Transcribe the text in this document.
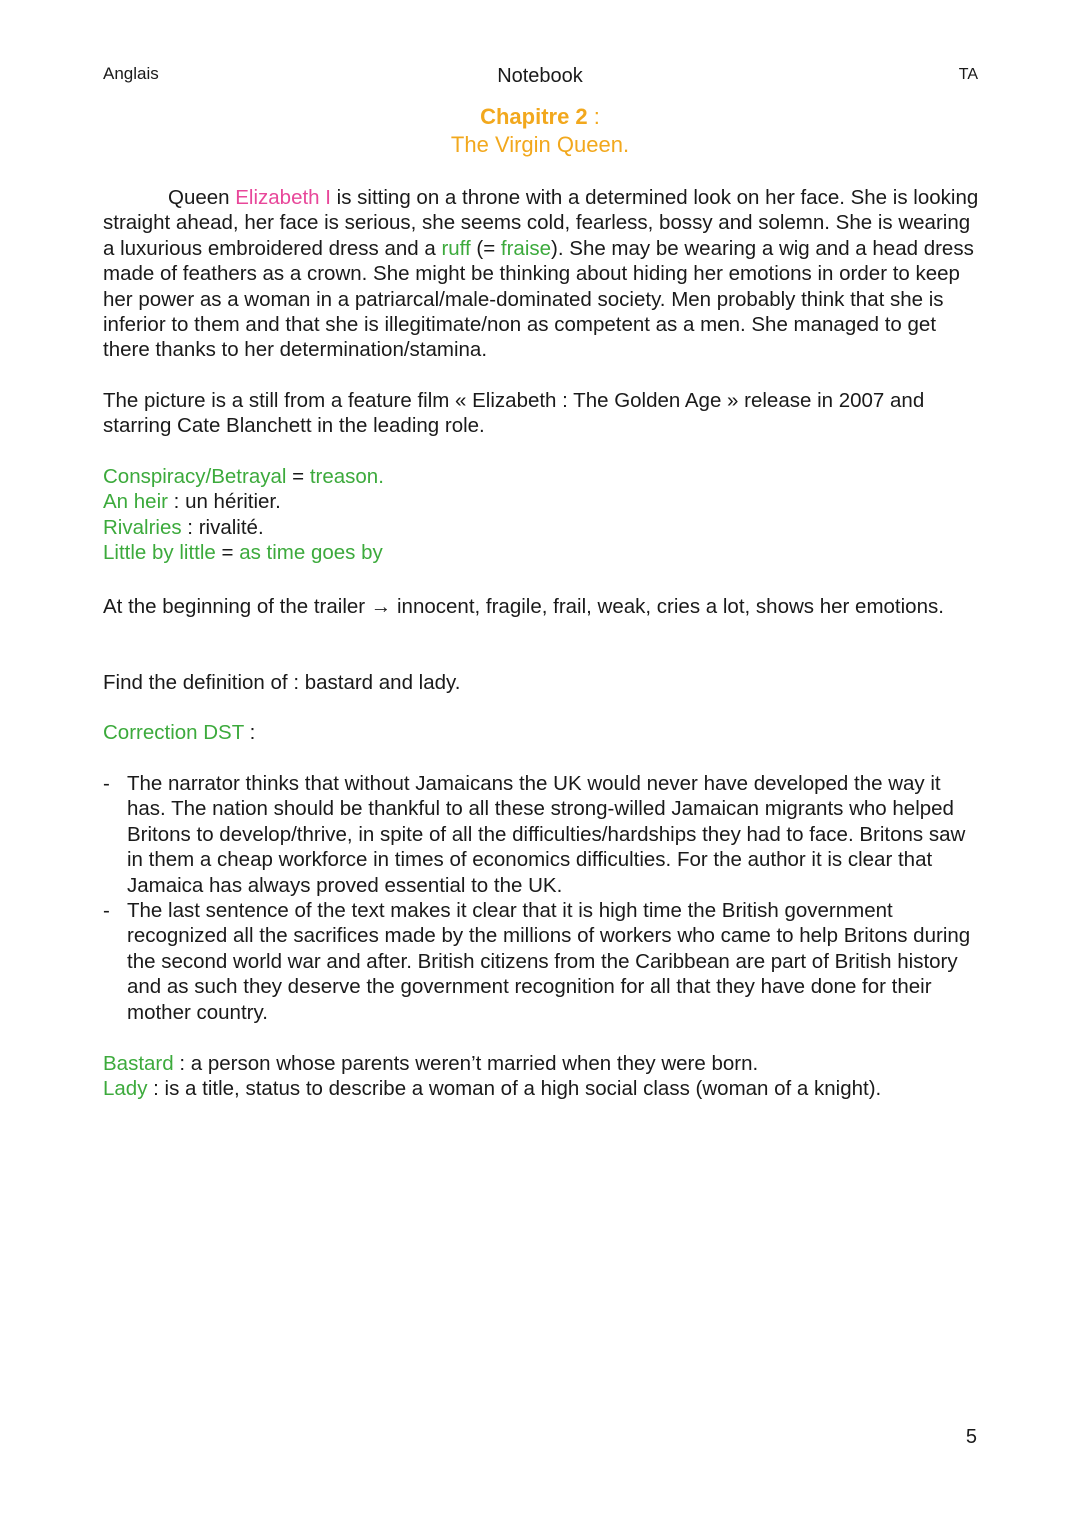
Anglais	Notebook	TA
Chapitre 2 :
The Virgin Queen.
Queen Elizabeth I is sitting on a throne with a determined look on her face. She is looking straight ahead, her face is serious, she seems cold, fearless, bossy and solemn. She is wearing a luxurious embroidered dress and a ruff (= fraise). She may be wearing a wig and a head dress made of feathers as a crown. She might be thinking about hiding her emotions in order to keep her power as a woman in a patriarcal/male-dominated society. Men probably think that she is inferior to them and that she is illegitimate/non as competent as a men. She managed to get there thanks to her determination/stamina.
The picture is a still from a feature film « Elizabeth : The Golden Age » release in 2007 and starring Cate Blanchett in the leading role.
Conspiracy/Betrayal = treason.
An heir : un héritier.
Rivalries : rivalité.
Little by little = as time goes by
At the beginning of the trailer → innocent, fragile, frail, weak, cries a lot, shows her emotions.
Find the definition of : bastard and lady.
Correction DST :
- The narrator thinks that without Jamaicans the UK would never have developed the way it has. The nation should be thankful to all these strong-willed Jamaican migrants who helped Britons to develop/thrive, in spite of all the difficulties/hardships they had to face. Britons saw in them a cheap workforce in times of economics difficulties. For the author it is clear that Jamaica has always proved essential to the UK.
- The last sentence of the text makes it clear that it is high time the British government recognized all the sacrifices made by the millions of workers who came to help Britons during the second world war and after. British citizens from the Caribbean are part of British history and as such they deserve the government recognition for all that they have done for their mother country.
Bastard : a person whose parents weren’t married when they were born.
Lady : is a title, status to describe a woman of a high social class (woman of a knight).
5
